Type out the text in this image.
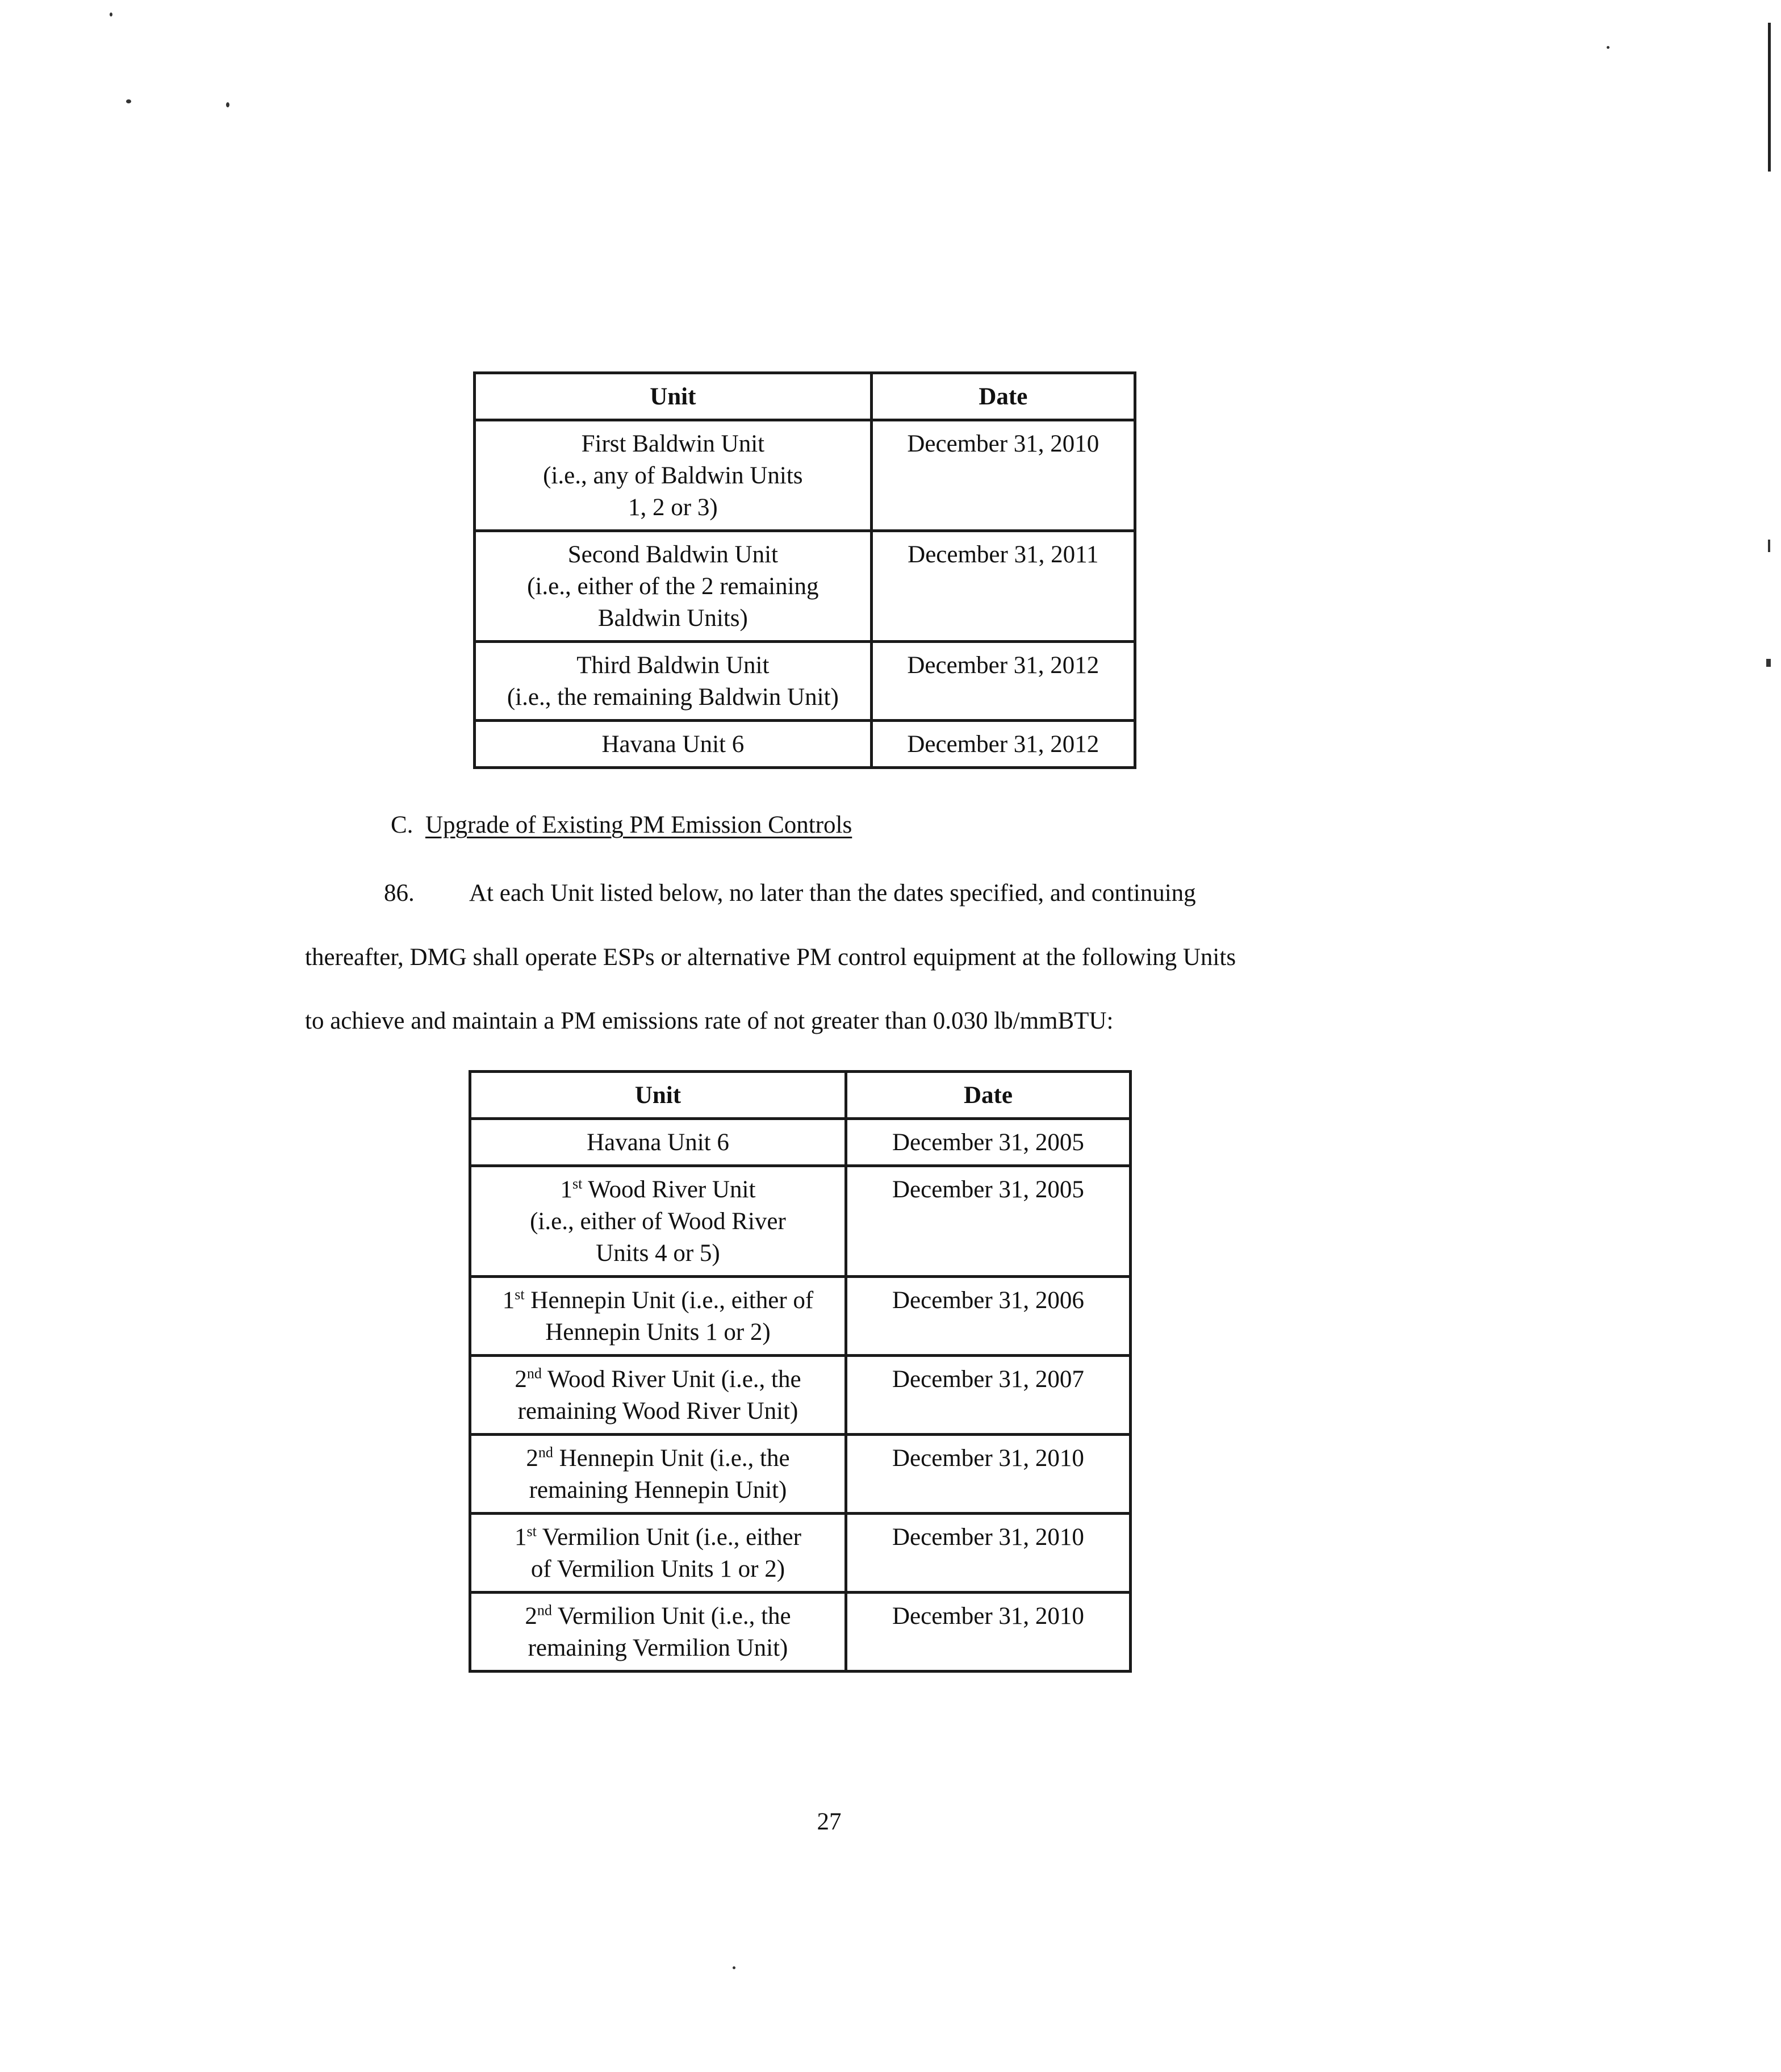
Unit	Date

First Baldwin Unit
(i.e., any of Baldwin Units
1, 2 or 3)	December 31, 2010

Second Baldwin Unit
(i.e., either of the 2 remaining
Baldwin Units)	December 31, 2011

Third Baldwin Unit
(i.e., the remaining Baldwin Unit)	December 31, 2012

Havana Unit 6	December 31, 2012
C. Upgrade of Existing PM Emission Controls
86. At each Unit listed below, no later than the dates specified, and continuing
thereafter, DMG shall operate ESPs or alternative PM control equipment at the following Units
to achieve and maintain a PM emissions rate of not greater than 0.030 lb/mmBTU:
Unit	Date

Havana Unit 6	December 31, 2005

1st Wood River Unit
(i.e., either of Wood River
Units 4 or 5)	December 31, 2005

1st Hennepin Unit (i.e., either of
Hennepin Units 1 or 2)	December 31, 2006

2nd Wood River Unit (i.e., the
remaining Wood River Unit)	December 31, 2007

2nd Hennepin Unit (i.e., the
remaining Hennepin Unit)	December 31, 2010

1st Vermilion Unit (i.e., either
of Vermilion Units 1 or 2)	December 31, 2010

2nd Vermilion Unit (i.e., the
remaining Vermilion Unit)	December 31, 2010
27
